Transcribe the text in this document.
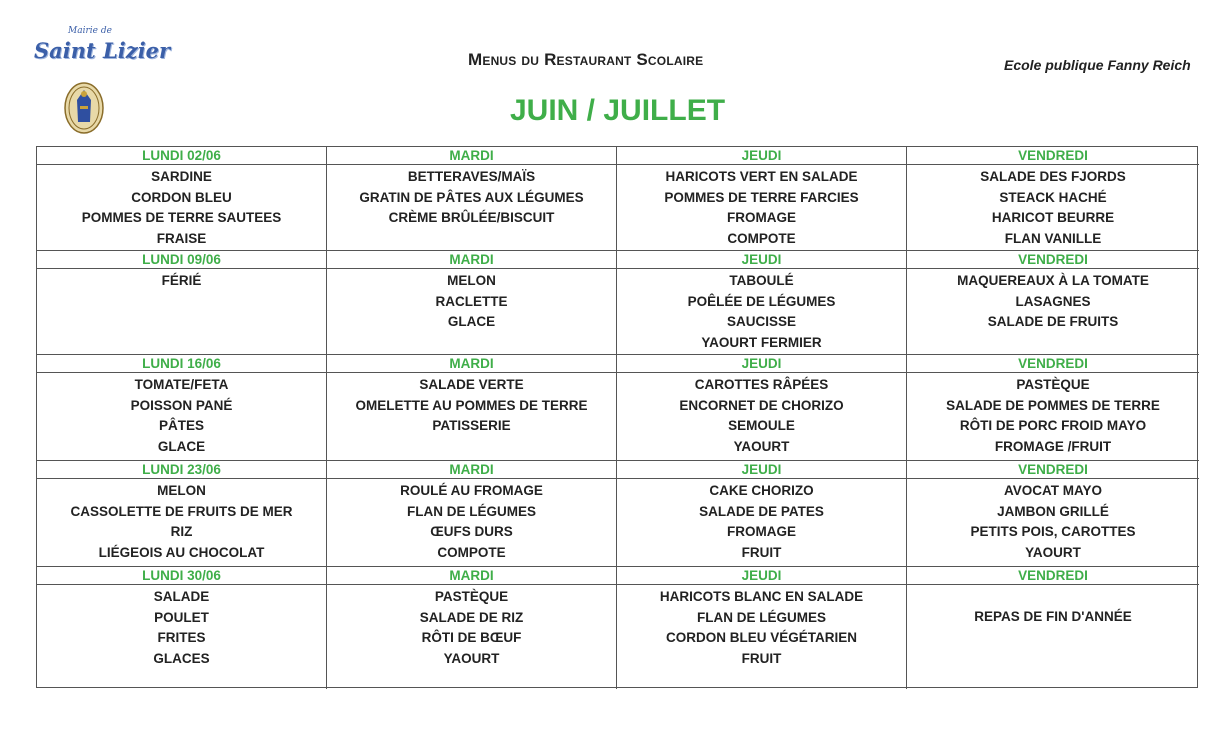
Mairie de
Saint Lizier	Menus du Restaurant Scolaire	Ecole publique Fanny Reich
JUIN / JUILLET
LUNDI 02/06
SARDINE
CORDON BLEU
POMMES DE TERRE SAUTEES
FRAISE
MARDI
BETTERAVES/MAÏS
GRATIN DE PÂTES AUX LÉGUMES
CRÈME BRÛLÉE/BISCUIT
JEUDI
HARICOTS VERT EN SALADE
POMMES DE TERRE FARCIES
FROMAGE
COMPOTE
VENDREDI
SALADE DES FJORDS
STEACK HACHÉ
HARICOT BEURRE
FLAN VANILLE
LUNDI 09/06
FÉRIÉ
MARDI
MELON
RACLETTE
GLACE
JEUDI
TABOULÉ
POÊLÉE DE LÉGUMES
SAUCISSE
YAOURT FERMIER
VENDREDI
MAQUEREAUX À LA TOMATE
LASAGNES
SALADE DE FRUITS
LUNDI 16/06
TOMATE/FETA
POISSON PANÉ
PÂTES
GLACE
MARDI
SALADE VERTE
OMELETTE AU POMMES DE TERRE
PATISSERIE
JEUDI
CAROTTES RÂPÉES
ENCORNET DE CHORIZO
SEMOULE
YAOURT
VENDREDI
PASTÈQUE
SALADE DE POMMES DE TERRE
RÔTI DE PORC FROID MAYO
FROMAGE /FRUIT
LUNDI 23/06
MELON
CASSOLETTE DE FRUITS DE MER
RIZ
LIÉGEOIS AU CHOCOLAT
MARDI
ROULÉ AU FROMAGE
FLAN DE LÉGUMES
ŒUFS DURS
COMPOTE
JEUDI
CAKE CHORIZO
SALADE DE PATES
FROMAGE
FRUIT
VENDREDI
AVOCAT MAYO
JAMBON GRILLÉ
PETITS POIS, CAROTTES
YAOURT
LUNDI 30/06
SALADE
POULET
FRITES
GLACES
MARDI
PASTÈQUE
SALADE DE RIZ
RÔTI DE BŒUF
YAOURT
JEUDI
HARICOTS BLANC EN SALADE
FLAN DE LÉGUMES
CORDON BLEU VÉGÉTARIEN
FRUIT
VENDREDI
REPAS DE FIN D'ANNÉE
